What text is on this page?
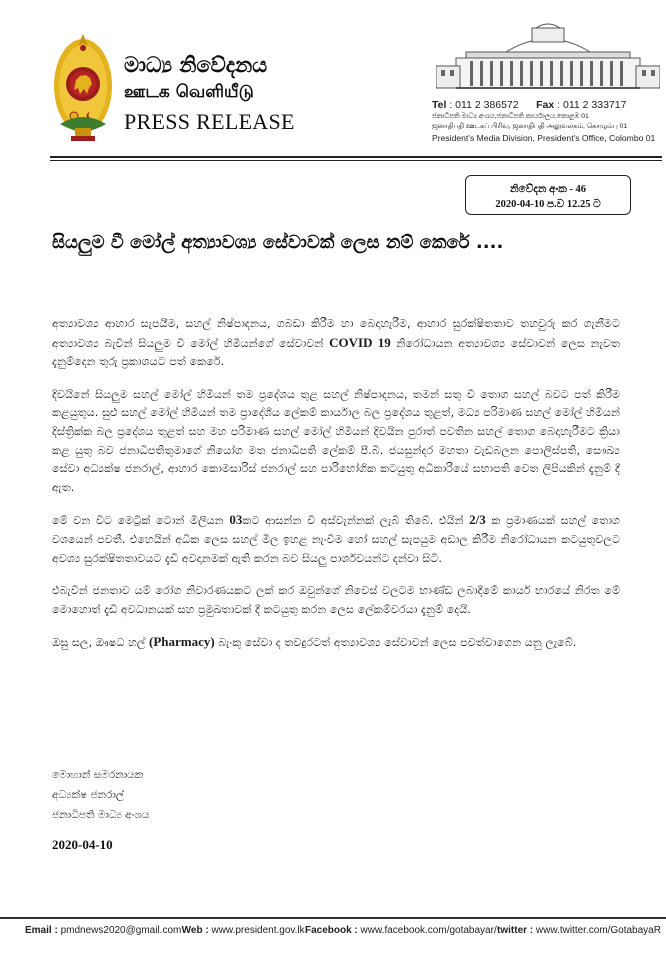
මාධ්‍ය නිවේදනය
ஊடக வெளியீடு
PRESS RELEASE
Tel : 011 2 386572 Fax : 011 2 333717
ජනාධිපති මාධ්‍ය අංශය,ජනාධිපති කාර්යාලය,කොළඹ 01
ஜனாதிபதி ஊடகப் பிரிவு, ஜனாதிபதி அலுவலகம், கொழும்பு 01
President's Media Division, President's Office, Colombo 01
නිවේදන අංක - 46
2020-04-10 ප.ව 12.25 ට
සියලුම වී මෝල් අත්‍යාවශ්‍ය සේවාවක් ලෙස නම් කෙරේ ....

අත්‍යාවශ්‍ය ආහාර සැපයීම, සහල් නිෂ්පාදනය, ගබඩා කිරීම හා බෙදාහැරීම, ආහාර සුරක්ෂිතතාව තහවුරු කර ගැනීමට අත්‍යාවශ්‍ය බැවින් සියලුම වී මෝල් හිමියන්ගේ සේවාවන් COVID 19 නිරෝධායන අත්‍යාවශ්‍ය සේවාවන් ලෙස නැවත දැනුම්දෙන තුරු ප්‍රකාශයට පත් කෙරේ.

දිවයිනේ සියලුම සහල් මෝල් හිමියන් තම ප්‍රදේශය තුළ සහල් නිෂ්පාදනය, තමන් සතු වී තොග සහල් බවට පත් කිරීම කළයුතුය. සුළු සහල් මෝල් හිමියන් තම ප්‍රාදේශීය ලේකම් කාර්යාල බල ප්‍රදේශය තුළත්, මධ්‍ය පරිමාණ සහල් මෝල් හිමියන් දිස්ත්‍රික්ක බල ප්‍රදේශය තුළත් සහ මහ පරිමාණ සහල් මෝල් හිමියන් දිවයින පුරාත් පවතින සහල් තොග බෙදාහැරීමට ක්‍රියා කළ යුතු බව ජනාධිපතිතුමාගේ නියෝග මත ජනාධිපති ලේකම් පී.බී. ජයසුන්දර මහතා වැඩබලන පොලිස්පති, සෞඛ්‍ය සේවා අධ්‍යක්ෂ ජනරාල්, ආහාර කොමසාරිස් ජනරාල් සහ පාරිභෝගික කටයුතු අධිකාරියේ සභාපති වෙත ලිපියකින් දැනුම් දී ඇත.

මේ වන විට මෙට්‍රික් ටොන් මිලියන 03කට ආසන්න වී අස්වැන්නක් ලැබී තිබේ. එයින් 2/3 ක ප්‍රමාණයක් සහල් තොග වශයෙන් පවතී. එහෙයින් අධික ලෙස සහල් මිල ඉහළ නැංවීම හෝ සහල් සැපයුම අඩාල කිරීම නිරෝධායන කටයුතුවලට අවශ්‍ය සුරක්ෂිතතාවයට දැඩි අවදානමක් ඇති කරන බව සියලු පාර්ශවයන්ට දන්වා සිටී.

එබැවින් ජනතාව යම් රෝග නිවාරණයකට ලක් කර ඔවුන්ගේ නිවෙස් වලටම භාණ්ඩ ලබාදීමේ කාර්ය භාරයේ නිරත මේ මොහොත් දැඩි අවධානයක් සහ ප්‍රමුඛතාවක් දී කටයුතු කරන ලෙස ලේකම්වරයා දැනුම් දෙයි.

ඔසු සල, ඖෂධ හල් (Pharmacy) බැංකු සේවා ද තවදුරටත් අත්‍යාවශ්‍ය සේවාවන් ලෙස පවත්වාගෙන යනු ලැබේ.

මොහාන් සමරනායක
අධ්‍යක්ෂ ජනරාල්
ජනාධිපති මාධ්‍ය අංශය
2020-04-10
Email : pmdnews2020@gmail.com Web : www.president.gov.lk Facebook : www.facebook.com/gotabayar/ twitter : www.twitter.com/GotabayaR
